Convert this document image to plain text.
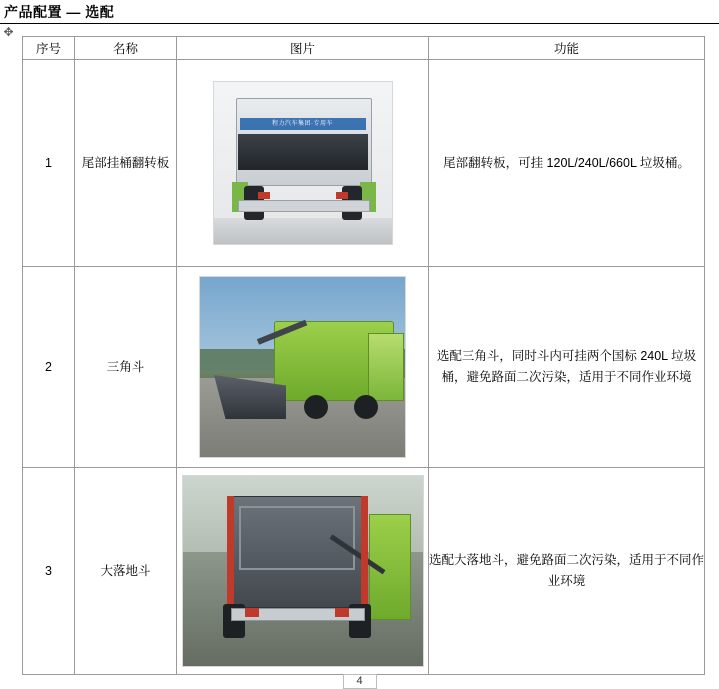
产品配置 — 选配
✥
序号	名称	图片	功能
1	尾部挂桶翻转板	程力汽车集团·专用车	尾部翻转板，可挂 120L/240L/660L 垃圾桶。
2	三角斗		选配三角斗，同时斗内可挂两个国标 240L 垃圾桶，避免路面二次污染，适用于不同作业环境
3	大落地斗		选配大落地斗，避免路面二次污染，适用于不同作业环境
4
